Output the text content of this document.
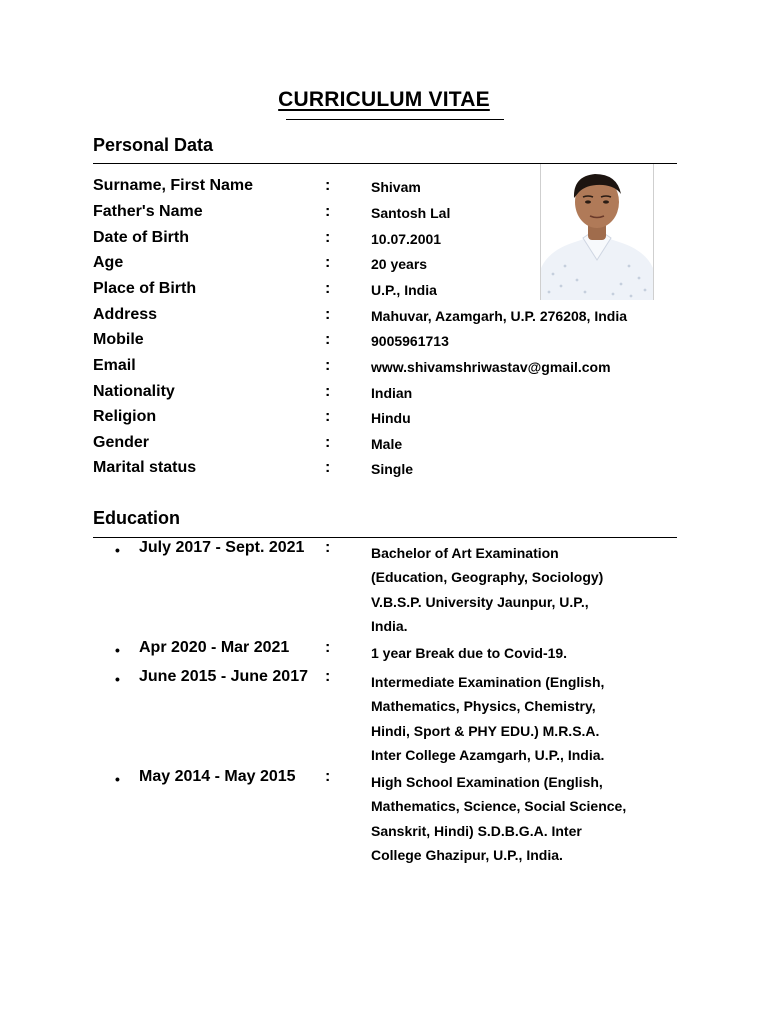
CURRICULUM VITAE
Personal Data
Surname, First Name	:	Shivam
Father's Name	:	Santosh Lal
Date of Birth	:	10.07.2001
Age	:	20 years
Place of Birth	:	U.P., India
Address	:	Mahuvar, Azamgarh, U.P. 276208, India
Mobile	:	9005961713
Email	:	www.shivamshriwastav@gmail.com
Nationality	:	Indian
Religion	:	Hindu
Gender	:	Male
Marital status	:	Single
Education
• July 2017 - Sept. 2021 :	Bachelor of Art Examination
(Education, Geography, Sociology)
V.B.S.P. University Jaunpur, U.P.,
India.
• Apr 2020 - Mar 2021 :	1 year Break due to Covid-19.
• June 2015 - June 2017 :	Intermediate Examination (English,
Mathematics, Physics, Chemistry,
Hindi, Sport & PHY EDU.) M.R.S.A.
Inter College Azamgarh, U.P., India.
• May 2014 - May 2015 :	High School Examination (English,
Mathematics, Science, Social Science,
Sanskrit, Hindi) S.D.B.G.A. Inter
College Ghazipur, U.P., India.
